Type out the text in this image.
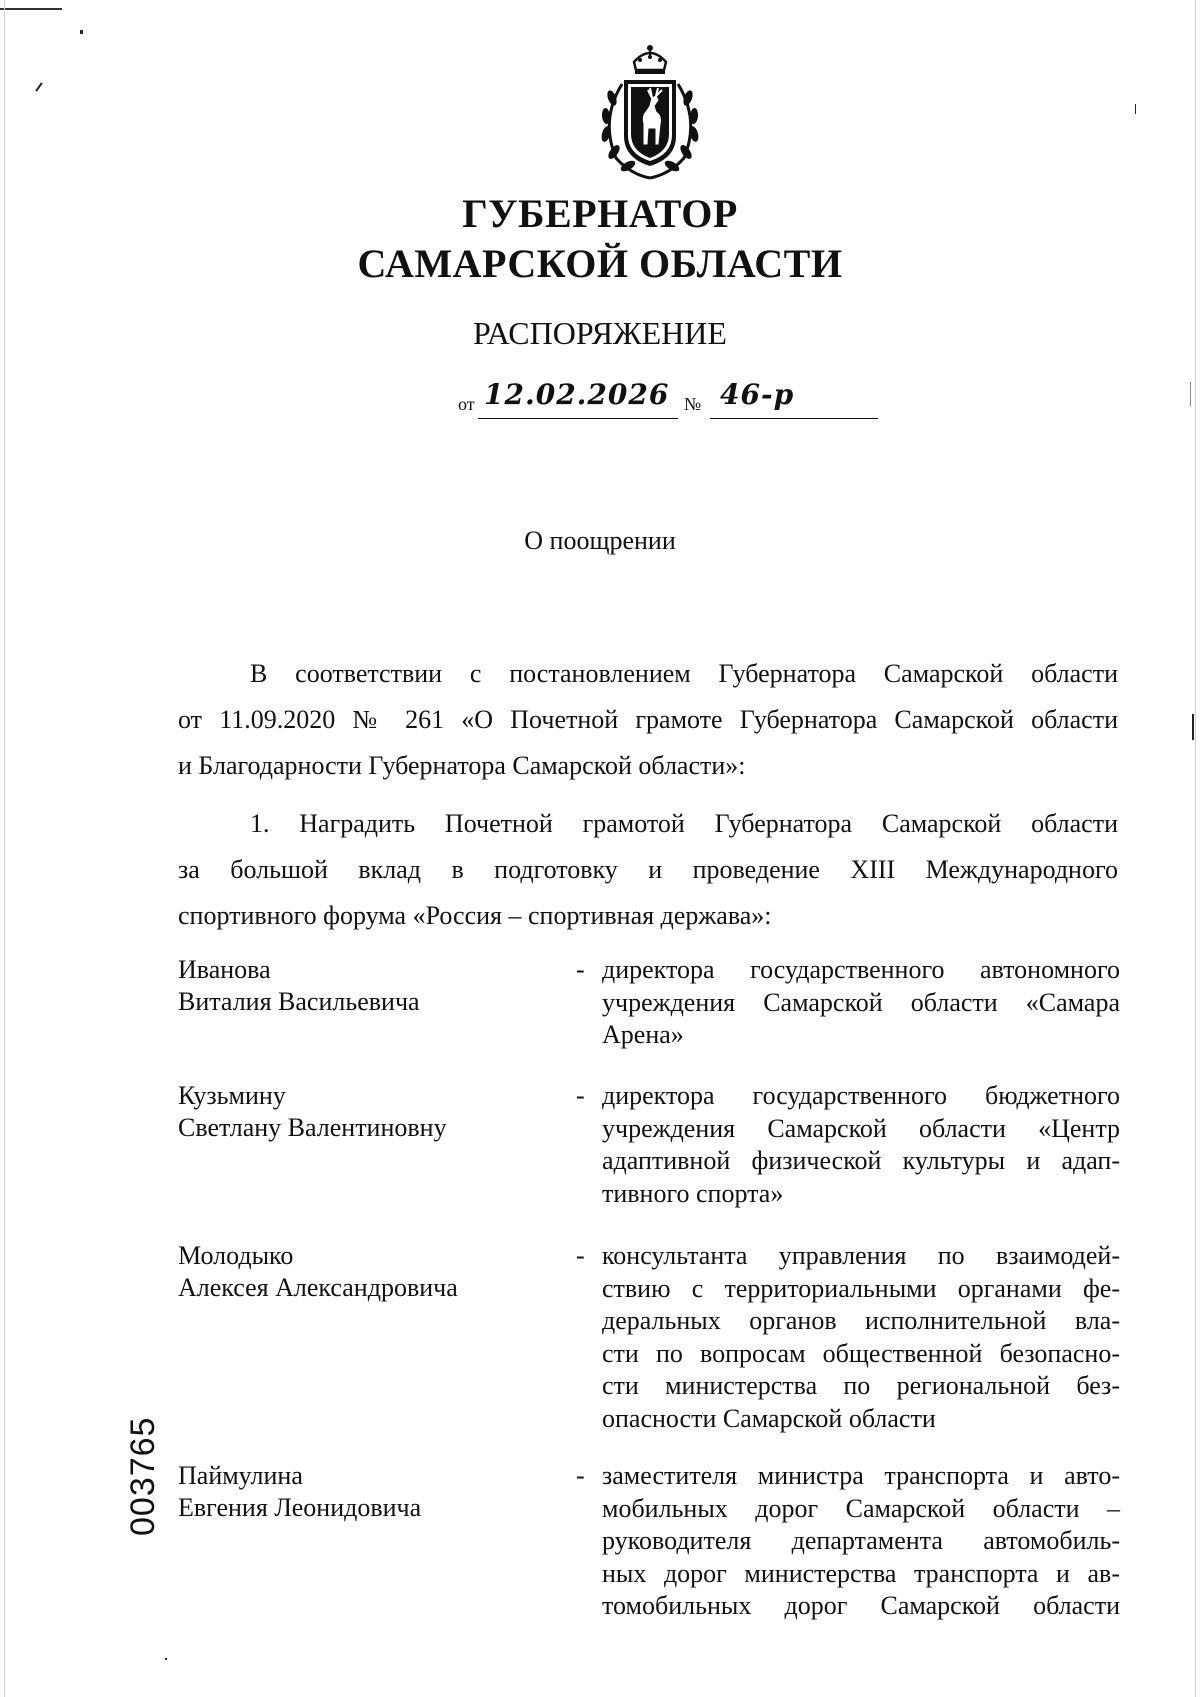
ГУБЕРНАТОР
САМАРСКОЙ ОБЛАСТИ
РАСПОРЯЖЕНИЕ
от 12.02.2026 № 46-р
О поощрении
В соответствии с постановлением Губернатора Самарской области
от 11.09.2020 № 261 «О Почетной грамоте Губернатора Самарской области
и Благодарности Губернатора Самарской области»:
1. Наградить Почетной грамотой Губернатора Самарской области
за большой вклад в подготовку и проведение XIII Международного
спортивного форума «Россия – спортивная держава»:
Иванова
Виталия Васильевича
- директора государственного автономного
учреждения Самарской области «Самара
Арена»
Кузьмину
Светлану Валентиновну
- директора государственного бюджетного
учреждения Самарской области «Центр
адаптивной физической культуры и адап-
тивного спорта»
Молодыко
Алексея Александровича
- консультанта управления по взаимодей-
ствию с территориальными органами фе-
деральных органов исполнительной вла-
сти по вопросам общественной безопасно-
сти министерства по региональной без-
опасности Самарской области
Паймулина
Евгения Леонидовича
- заместителя министра транспорта и авто-
мобильных дорог Самарской области –
руководителя департамента автомобиль-
ных дорог министерства транспорта и ав-
томобильных дорог Самарской области
003765
